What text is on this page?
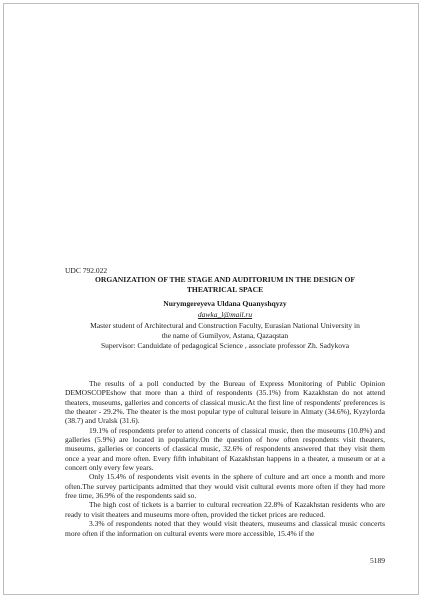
UDC 792.022
ORGANIZATION OF THE STAGE AND AUDITORIUM IN THE DESIGN OF
THEATRICAL SPACE
Nurymgereyeva Uldana Quanyshqyzy
dawka_l@mail.ru
Master student of Architectural and Construction Faculty, Eurasian National University in
the name of Gumilyov, Astana, Qazaqstan
Supervisor: Canduidate of pedagogical Science , associate professor Zh. Sadykova

The results of a poll conducted by the Bureau of Express Monitoring of Public Opinion DEMOSCOPEshow that more than a third of respondents (35.1%) from Kazakhstan do not attend theaters, museums, galleries and concerts of classical music.At the first line of respondents' preferences is the theater - 29.2%. The theater is the most popular type of cultural leisure in Almaty (34.6%), Kyzylorda (38.7) and Uralsk (31.6).

19.1% of respondents prefer to attend concerts of classical music, then the museums (10.8%) and galleries (5.9%) are located in popularity.On the question of how often respondents visit theaters, museums, galleries or concerts of classical music, 32.6% of respondents answered that they visit them once a year and more often. Every fifth inhabitant of Kazakhstan happens in a theater, a museum or at a concert only every few years.

Only 15.4% of respondents visit events in the sphere of culture and art once a month and more often.The survey participants admitted that they would visit cultural events more often if they had more free time, 36.9% of the respondents said so.

The high cost of tickets is a barrier to cultural recreation 22.8% of Kazakhstan residents who are ready to visit theaters and museums more often, provided the ticket prices are reduced.

3.3% of respondents noted that they would visit theaters, museums and classical music concerts more often if the information on cultural events were more accessible, 15.4% if the

5189
